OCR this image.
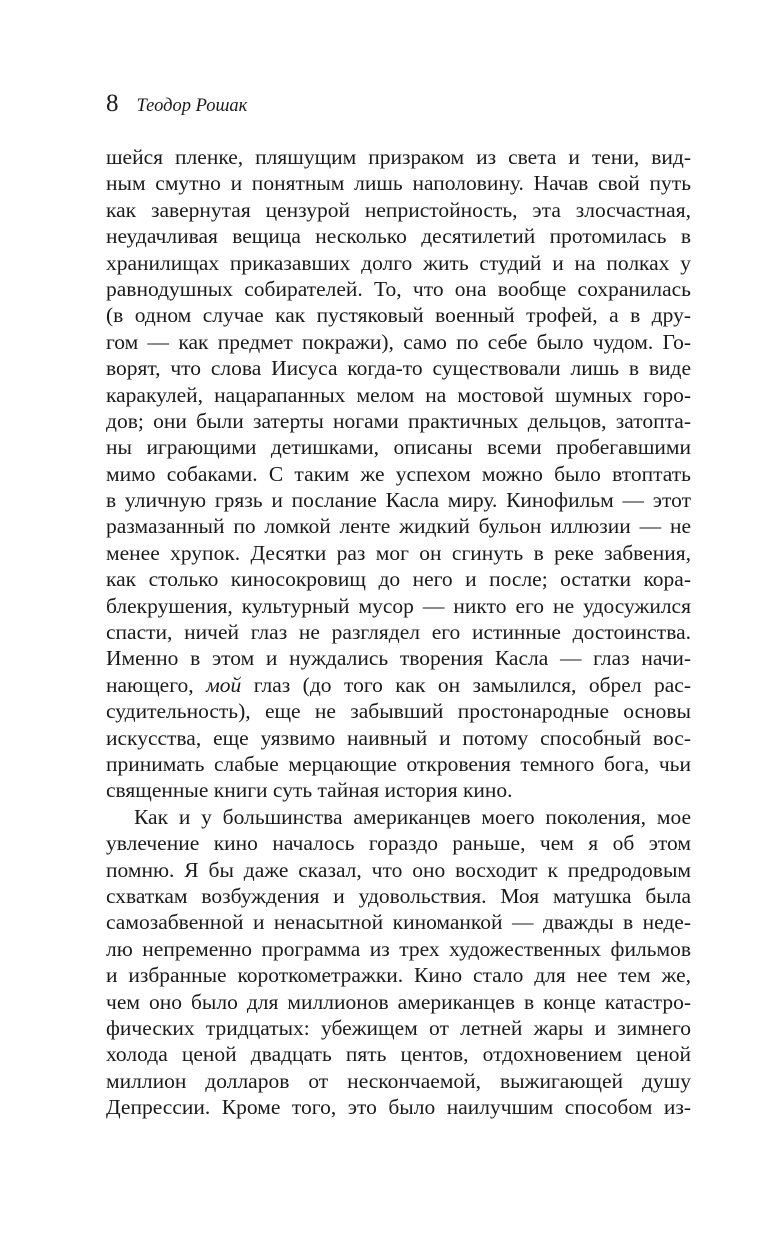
8 Теодор Рошак
шейся пленке, пляшущим призраком из света и тени, вид-
ным смутно и понятным лишь наполовину. Начав свой путь
как завернутая цензурой непристойность, эта злосчастная,
неудачливая вещица несколько десятилетий протомилась в
хранилищах приказавших долго жить студий и на полках у
равнодушных собирателей. То, что она вообще сохранилась
(в одном случае как пустяковый военный трофей, а в дру-
гом — как предмет покражи), само по себе было чудом. Го-
ворят, что слова Иисуса когда-то существовали лишь в виде
каракулей, нацарапанных мелом на мостовой шумных горо-
дов; они были затерты ногами практичных дельцов, затопта-
ны играющими детишками, описаны всеми пробегавшими
мимо собаками. С таким же успехом можно было втоптать
в уличную грязь и послание Касла миру. Кинофильм — этот
размазанный по ломкой ленте жидкий бульон иллюзии — не
менее хрупок. Десятки раз мог он сгинуть в реке забвения,
как столько киносокровищ до него и после; остатки кора-
блекрушения, культурный мусор — никто его не удосужился
спасти, ничей глаз не разглядел его истинные достоинства.
Именно в этом и нуждались творения Касла — глаз начи-
нающего, мой глаз (до того как он замылился, обрел рас-
судительность), еще не забывший простонародные основы
искусства, еще уязвимо наивный и потому способный вос-
принимать слабые мерцающие откровения темного бога, чьи
священные книги суть тайная история кино.
Как и у большинства американцев моего поколения, мое
увлечение кино началось гораздо раньше, чем я об этом
помню. Я бы даже сказал, что оно восходит к предродовым
схваткам возбуждения и удовольствия. Моя матушка была
самозабвенной и ненасытной киноманкой — дважды в неде-
лю непременно программа из трех художественных фильмов
и избранные короткометражки. Кино стало для нее тем же,
чем оно было для миллионов американцев в конце катастро-
фических тридцатых: убежищем от летней жары и зимнего
холода ценой двадцать пять центов, отдохновением ценой
миллион долларов от нескончаемой, выжигающей душу
Депрессии. Кроме того, это было наилучшим способом из-
